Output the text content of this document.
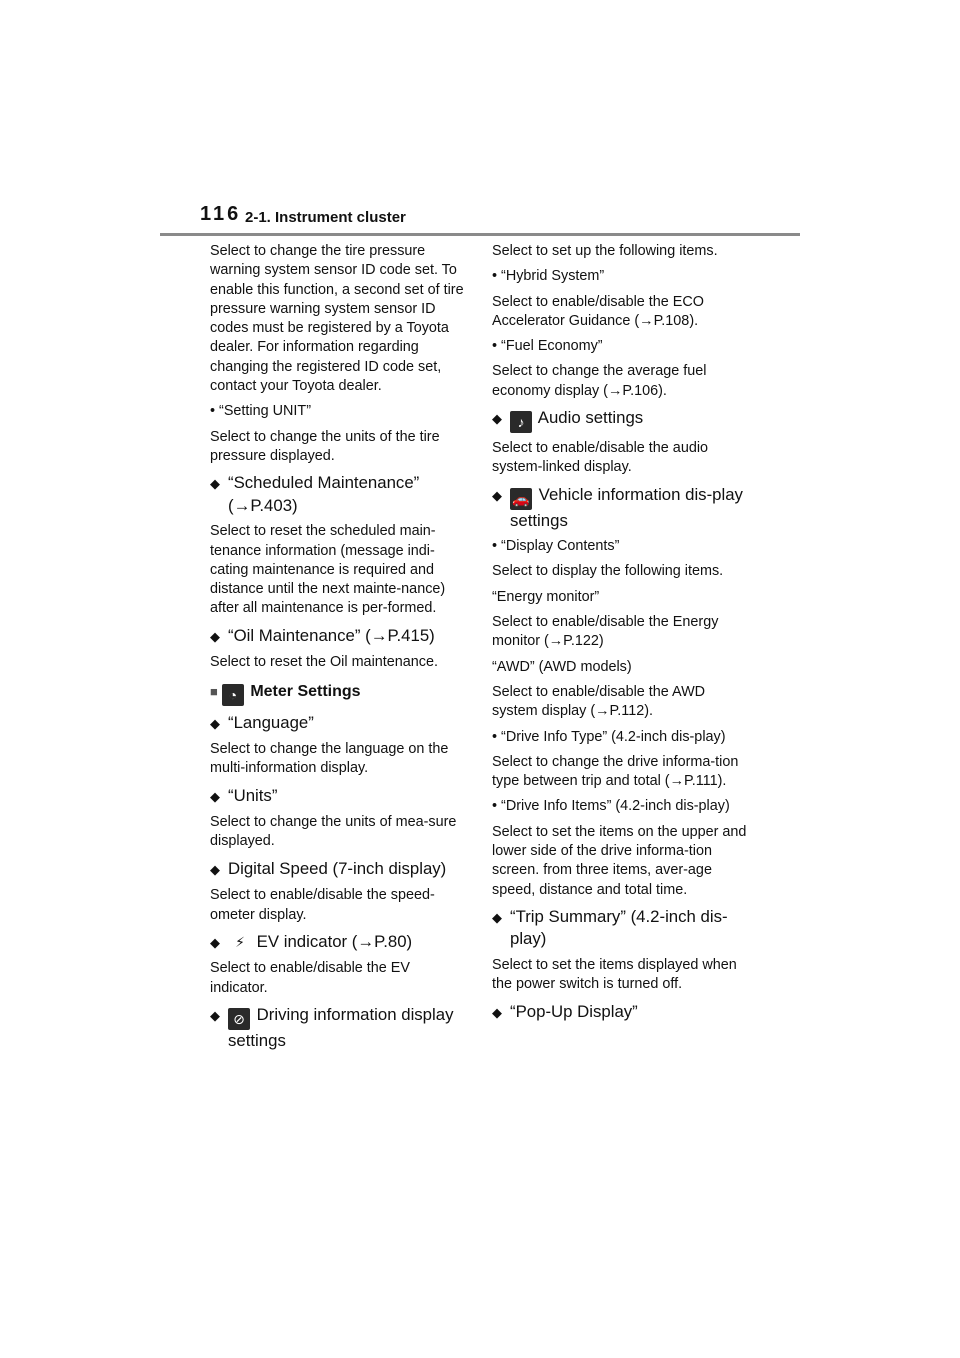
116 2-1. Instrument cluster

Select to change the tire pressure warning system sensor ID code set. To enable this function, a second set of tire pressure warning system sensor ID codes must be registered by a Toyota dealer. For information regarding changing the registered ID code set, contact your Toyota dealer.

• “Setting UNIT”

Select to change the units of the tire pressure displayed.

◆ “Scheduled Maintenance” (→P.403)

Select to reset the scheduled main-tenance information (message indi-cating maintenance is required and distance until the next mainte-nance) after all maintenance is per-formed.

◆ “Oil Maintenance” (→P.415)

Select to reset the Oil maintenance.

■ ◔ Meter Settings

◆ “Language”

Select to change the language on the multi-information display.

◆ “Units”

Select to change the units of mea-sure displayed.

◆ Digital Speed (7-inch display)

Select to enable/disable the speed-ometer display.

◆ ⚡ EV indicator (→P.80)

Select to enable/disable the EV indicator.

◆ ⊘ Driving information display settings

Select to set up the following items.

• “Hybrid System”

Select to enable/disable the ECO Accelerator Guidance (→P.108).

• “Fuel Economy”

Select to change the average fuel economy display (→P.106).

◆ ♪ Audio settings

Select to enable/disable the audio system-linked display.

◆ 🚗 Vehicle information dis-play settings

• “Display Contents”

Select to display the following items.

“Energy monitor”

Select to enable/disable the Energy monitor (→P.122)

“AWD” (AWD models)

Select to enable/disable the AWD system display (→P.112).

• “Drive Info Type” (4.2-inch dis-play)

Select to change the drive informa-tion type between trip and total (→P.111).

• “Drive Info Items” (4.2-inch dis-play)

Select to set the items on the upper and lower side of the drive informa-tion screen. from three items, aver-age speed, distance and total time.

◆ “Trip Summary” (4.2-inch dis-play)

Select to set the items displayed when the power switch is turned off.

◆ “Pop-Up Display”
